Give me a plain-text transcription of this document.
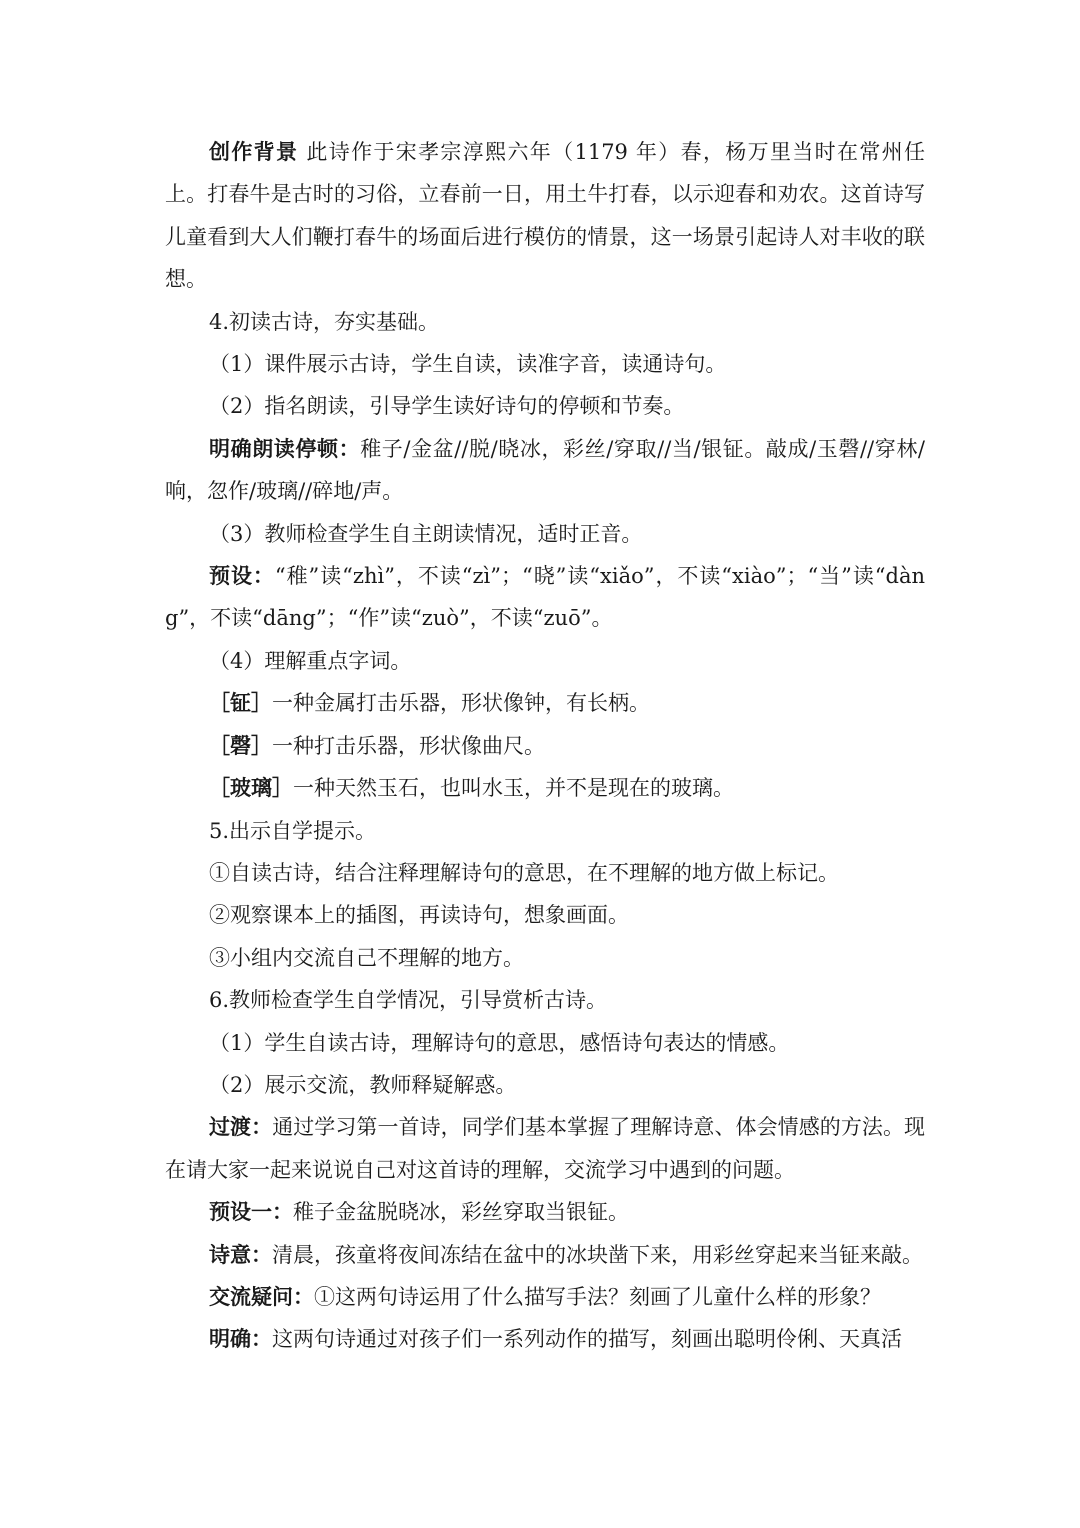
创作背景 此诗作于宋孝宗淳熙六年（1179 年）春，杨万里当时在常州任上。打春牛是古时的习俗，立春前一日，用土牛打春，以示迎春和劝农。这首诗写儿童看到大人们鞭打春牛的场面后进行模仿的情景，这一场景引起诗人对丰收的联想。

4.初读古诗，夯实基础。

（1）课件展示古诗，学生自读，读准字音，读通诗句。

（2）指名朗读，引导学生读好诗句的停顿和节奏。

明确朗读停顿：稚子/金盆//脱/晓冰，彩丝/穿取//当/银钲。敲成/玉磬//穿林/响，忽作/玻璃//碎地/声。

（3）教师检查学生自主朗读情况，适时正音。

预设：“稚”读“zhì”，不读“zì”；“晓”读“xiǎo”，不读“xiào”；“当”读“dàng”，不读“dāng”；“作”读“zuò”，不读“zuō”。

（4）理解重点字词。

［钲］一种金属打击乐器，形状像钟，有长柄。

［磬］一种打击乐器，形状像曲尺。

［玻璃］一种天然玉石，也叫水玉，并不是现在的玻璃。

5.出示自学提示。

①自读古诗，结合注释理解诗句的意思，在不理解的地方做上标记。

②观察课本上的插图，再读诗句，想象画面。

③小组内交流自己不理解的地方。

6.教师检查学生自学情况，引导赏析古诗。

（1）学生自读古诗，理解诗句的意思，感悟诗句表达的情感。

（2）展示交流，教师释疑解惑。

过渡：通过学习第一首诗，同学们基本掌握了理解诗意、体会情感的方法。现在请大家一起来说说自己对这首诗的理解，交流学习中遇到的问题。

预设一：稚子金盆脱晓冰，彩丝穿取当银钲。

诗意：清晨，孩童将夜间冻结在盆中的冰块凿下来，用彩丝穿起来当钲来敲。

交流疑问：①这两句诗运用了什么描写手法？刻画了儿童什么样的形象？

明确：这两句诗通过对孩子们一系列动作的描写，刻画出聪明伶俐、天真活
